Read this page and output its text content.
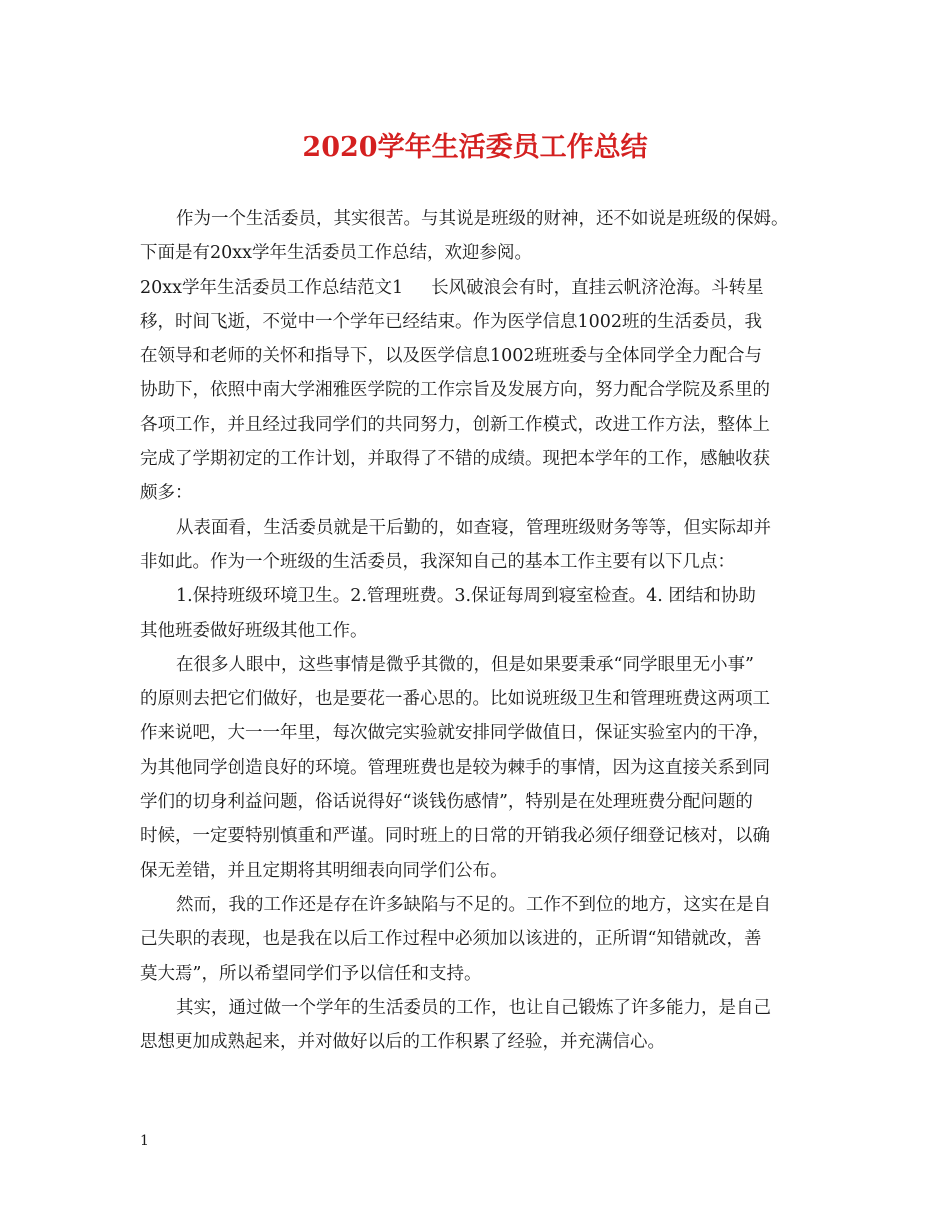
2020学年生活委员工作总结
作为一个生活委员，其实很苦。与其说是班级的财神，还不如说是班级的保姆。
下面是有20xx学年生活委员工作总结，欢迎参阅。
20xx学年生活委员工作总结范文1 长风破浪会有时，直挂云帆济沧海。斗转星
移，时间飞逝，不觉中一个学年已经结束。作为医学信息1002班的生活委员，我
在领导和老师的关怀和指导下，以及医学信息1002班班委与全体同学全力配合与
协助下，依照中南大学湘雅医学院的工作宗旨及发展方向，努力配合学院及系里的
各项工作，并且经过我同学们的共同努力，创新工作模式，改进工作方法，整体上
完成了学期初定的工作计划，并取得了不错的成绩。现把本学年的工作，感触收获
颇多：
从表面看，生活委员就是干后勤的，如查寝，管理班级财务等等，但实际却并
非如此。作为一个班级的生活委员，我深知自己的基本工作主要有以下几点：
1.保持班级环境卫生。2.管理班费。3.保证每周到寝室检查。4. 团结和协助
其他班委做好班级其他工作。
在很多人眼中，这些事情是微乎其微的，但是如果要秉承“同学眼里无小事”
的原则去把它们做好，也是要花一番心思的。比如说班级卫生和管理班费这两项工
作来说吧，大一一年里，每次做完实验就安排同学做值日，保证实验室内的干净，
为其他同学创造良好的环境。管理班费也是较为棘手的事情，因为这直接关系到同
学们的切身利益问题，俗话说得好“谈钱伤感情”，特别是在处理班费分配问题的
时候，一定要特别慎重和严谨。同时班上的日常的开销我必须仔细登记核对，以确
保无差错，并且定期将其明细表向同学们公布。
然而，我的工作还是存在许多缺陷与不足的。工作不到位的地方，这实在是自
己失职的表现，也是我在以后工作过程中必须加以该进的，正所谓“知错就改，善
莫大焉”，所以希望同学们予以信任和支持。
其实，通过做一个学年的生活委员的工作，也让自己锻炼了许多能力，是自己
思想更加成熟起来，并对做好以后的工作积累了经验，并充满信心。
1
